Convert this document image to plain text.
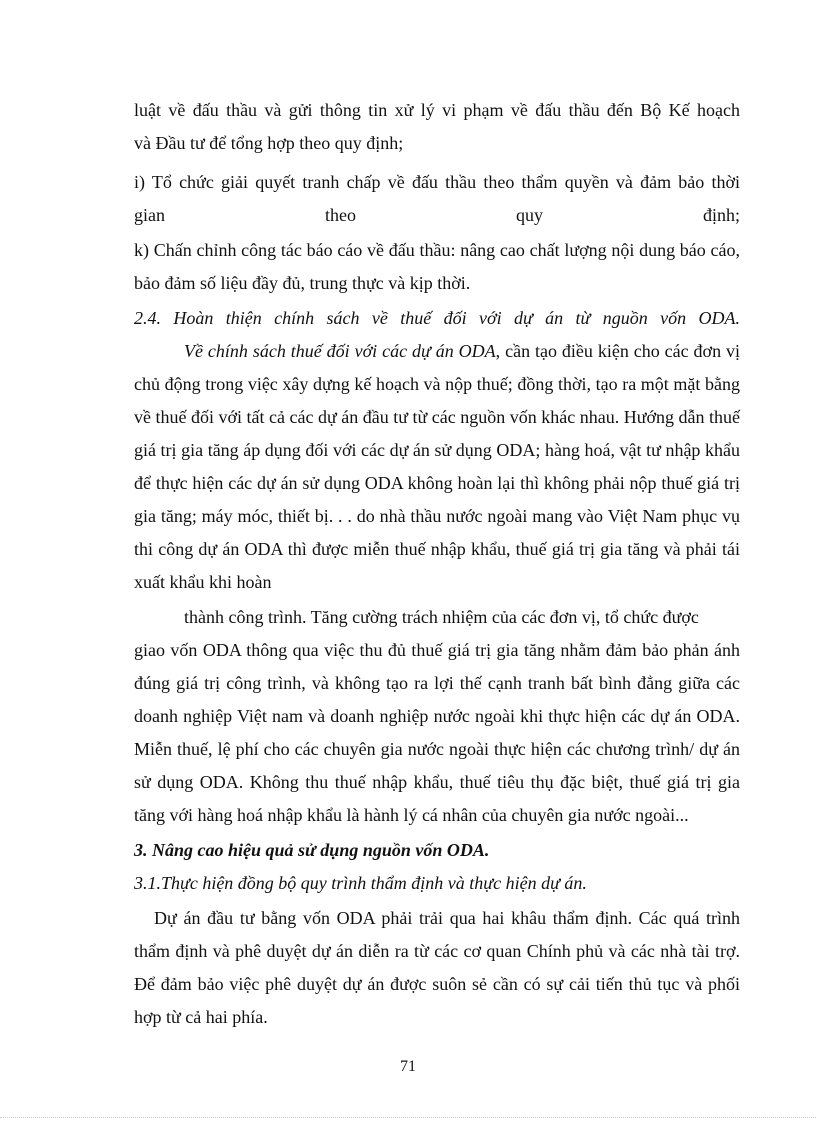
luật về đấu thầu và gửi thông tin xử lý vi phạm về đấu thầu đến Bộ Kế hoạch

và Đầu tư để tổng hợp theo quy định;

i) Tổ chức giải quyết tranh chấp về đấu thầu theo thẩm quyền và đảm bảo thời

gian theo quy định;

k) Chấn chỉnh công tác báo cáo về đấu thầu: nâng cao chất lượng nội dung báo cáo, bảo đảm số liệu đầy đủ, trung thực và kịp thời.

2.4. Hoàn thiện chính sách về thuế đối với dự án từ nguồn vốn ODA.

Về chính sách thuế đối với các dự án ODA, cần tạo điều kiện cho các đơn vị chủ động trong việc xây dựng kế hoạch và nộp thuế; đồng thời, tạo ra một mặt bằng về thuế đối với tất cả các dự án đầu tư từ các nguồn vốn khác nhau. Hướng dẫn thuế giá trị gia tăng áp dụng đối với các dự án sử dụng ODA; hàng hoá, vật tư nhập khẩu để thực hiện các dự án sử dụng ODA không hoàn lại thì không phải nộp thuế giá trị gia tăng; máy móc, thiết bị. . . do nhà thầu nước ngoài mang vào Việt Nam phục vụ thi công dự án ODA thì được miễn thuế nhập khẩu, thuế giá trị gia tăng và phải tái xuất khẩu khi hoàn

thành công trình. Tăng cường trách nhiệm của các đơn vị, tổ chức được

giao vốn ODA thông qua việc thu đủ thuế giá trị gia tăng nhằm đảm bảo phản ánh đúng giá trị công trình, và không tạo ra lợi thế cạnh tranh bất bình đẳng giữa các doanh nghiệp Việt nam và doanh nghiệp nước ngoài khi thực hiện các dự án ODA. Miễn thuế, lệ phí cho các chuyên gia nước ngoài thực hiện các chương trình/ dự án sử dụng ODA. Không thu thuế nhập khẩu, thuế tiêu thụ đặc biệt, thuế giá trị gia tăng với hàng hoá nhập khẩu là hành lý cá nhân của chuyên gia nước ngoài...

3. Nâng cao hiệu quả sử dụng nguồn vốn ODA.

3.1.Thực hiện đồng bộ quy trình thẩm định và thực hiện dự án.

Dự án đầu tư bằng vốn ODA phải trải qua hai khâu thẩm định. Các quá trình thẩm định và phê duyệt dự án diễn ra từ các cơ quan Chính phủ và các nhà tài trợ. Để đảm bảo việc phê duyệt dự án được suôn sẻ cần có sự cải tiến thủ tục và phối hợp từ cả hai phía.

71
